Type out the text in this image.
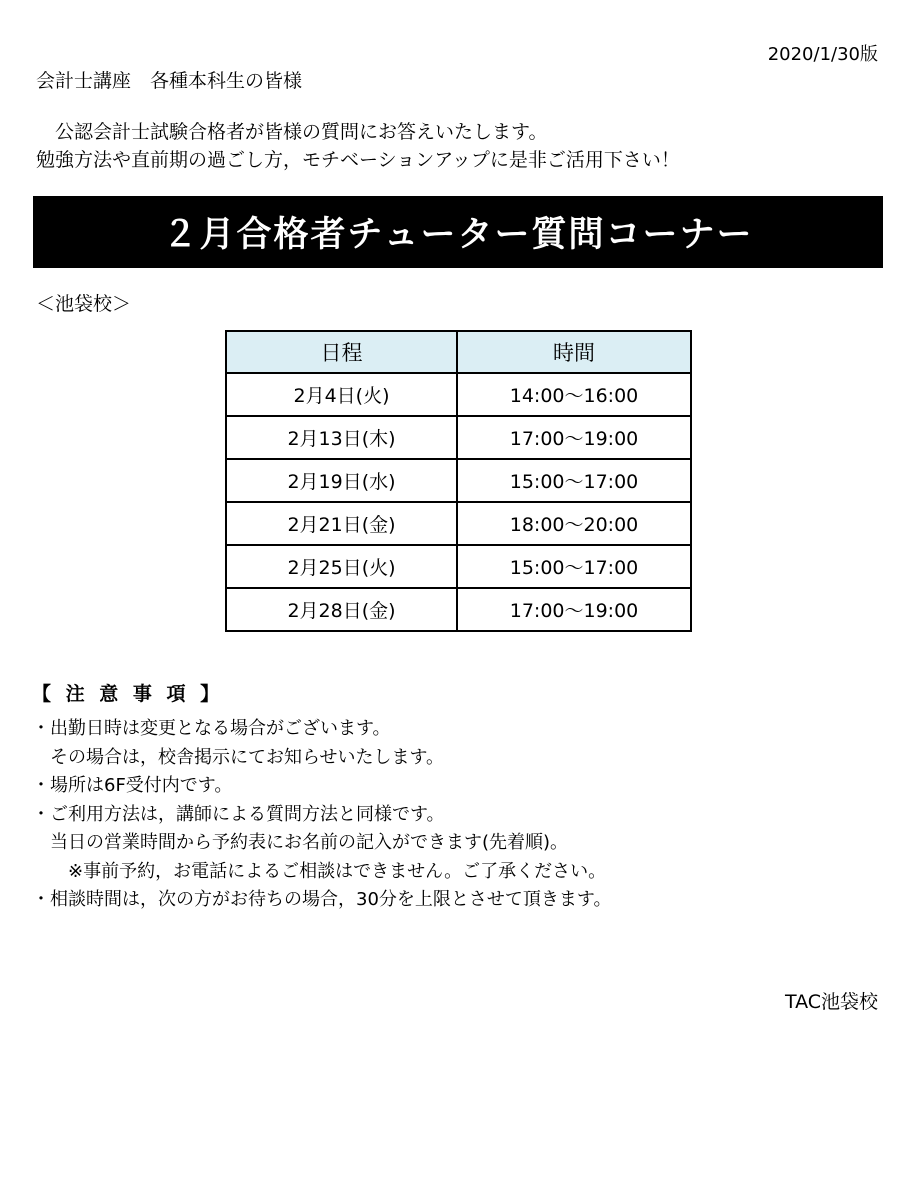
2020/1/30版
会計士講座　各種本科生の皆様
　公認会計士試験合格者が皆様の質問にお答えいたします。
勉強方法や直前期の過ごし方，モチベーションアップに是非ご活用下さい！
２月合格者チューター質問コーナー
＜池袋校＞
日程	時間
2月4日(火)	14:00～16:00
2月13日(木)	17:00～19:00
2月19日(水)	15:00～17:00
2月21日(金)	18:00～20:00
2月25日(火)	15:00～17:00
2月28日(金)	17:00～19:00
【 注 意 事 項 】
・出勤日時は変更となる場合がございます。
　その場合は，校舎掲示にてお知らせいたします。
・場所は6F受付内です。
・ご利用方法は，講師による質問方法と同様です。
　当日の営業時間から予約表にお名前の記入ができます(先着順)。
　　※事前予約，お電話によるご相談はできません。ご了承ください。
・相談時間は，次の方がお待ちの場合，30分を上限とさせて頂きます。
TAC池袋校
